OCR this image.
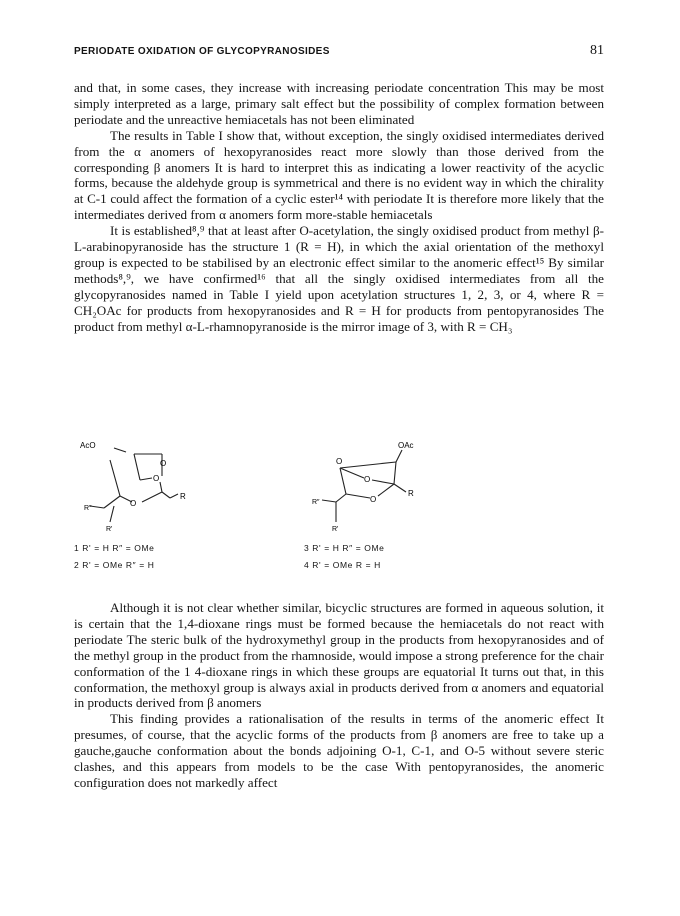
PERIODATE OXIDATION OF GLYCOPYRANOSIDES	81

and that, in some cases, they increase with increasing periodate concentration This may be most simply interpreted as a large, primary salt effect but the possibility of complex formation between periodate and the unreactive hemiacetals has not been eliminated

The results in Table I show that, without exception, the singly oxidised intermediates derived from the α anomers of hexopyranosides react more slowly than those derived from the corresponding β anomers It is hard to interpret this as indicating a lower reactivity of the acyclic forms, because the aldehyde group is symmetrical and there is no evident way in which the chirality at C-1 could affect the formation of a cyclic ester¹⁴ with periodate It is therefore more likely that the intermediates derived from α anomers form more-stable hemiacetals

It is established⁸,⁹ that at least after O-acetylation, the singly oxidised product from methyl β-L-arabinopyranoside has the structure 1 (R = H), in which the axial orientation of the methoxyl group is expected to be stabilised by an electronic effect similar to the anomeric effect¹⁵ By similar methods⁸,⁹, we have confirmed¹⁶ that all the singly oxidised intermediates from all the glycopyranosides named in Table I yield upon acetylation structures 1, 2, 3, or 4, where R = CH₂OAc for products from hexopyranosides and R = H for products from pentopyranosides The product from methyl α-L-rhamnopyranoside is the mirror image of 3, with R = CH₃

AcO
O
O
O
R
R″
R'
OAc
O
O
O
R
R″
R'
1 R' = H R″ = OMe
2 R' = OMe R″ = H
3 R' = H R″ = OMe
4 R' = OMe R = H

Although it is not clear whether similar, bicyclic structures are formed in aqueous solution, it is certain that the 1,4-dioxane rings must be formed because the hemiacetals do not react with periodate The steric bulk of the hydroxymethyl group in the products from hexopyranosides and of the methyl group in the product from the rhamnoside, would impose a strong preference for the chair conformation of the 1 4-dioxane rings in which these groups are equatorial It turns out that, in this conformation, the methoxyl group is always axial in products derived from α anomers and equatorial in products derived from β anomers

This finding provides a rationalisation of the results in terms of the anomeric effect It presumes, of course, that the acyclic forms of the products from β anomers are free to take up a gauche,gauche conformation about the bonds adjoining O-1, C-1, and O-5 without severe steric clashes, and this appears from models to be the case With pentopyranosides, the anomeric configuration does not markedly affect
